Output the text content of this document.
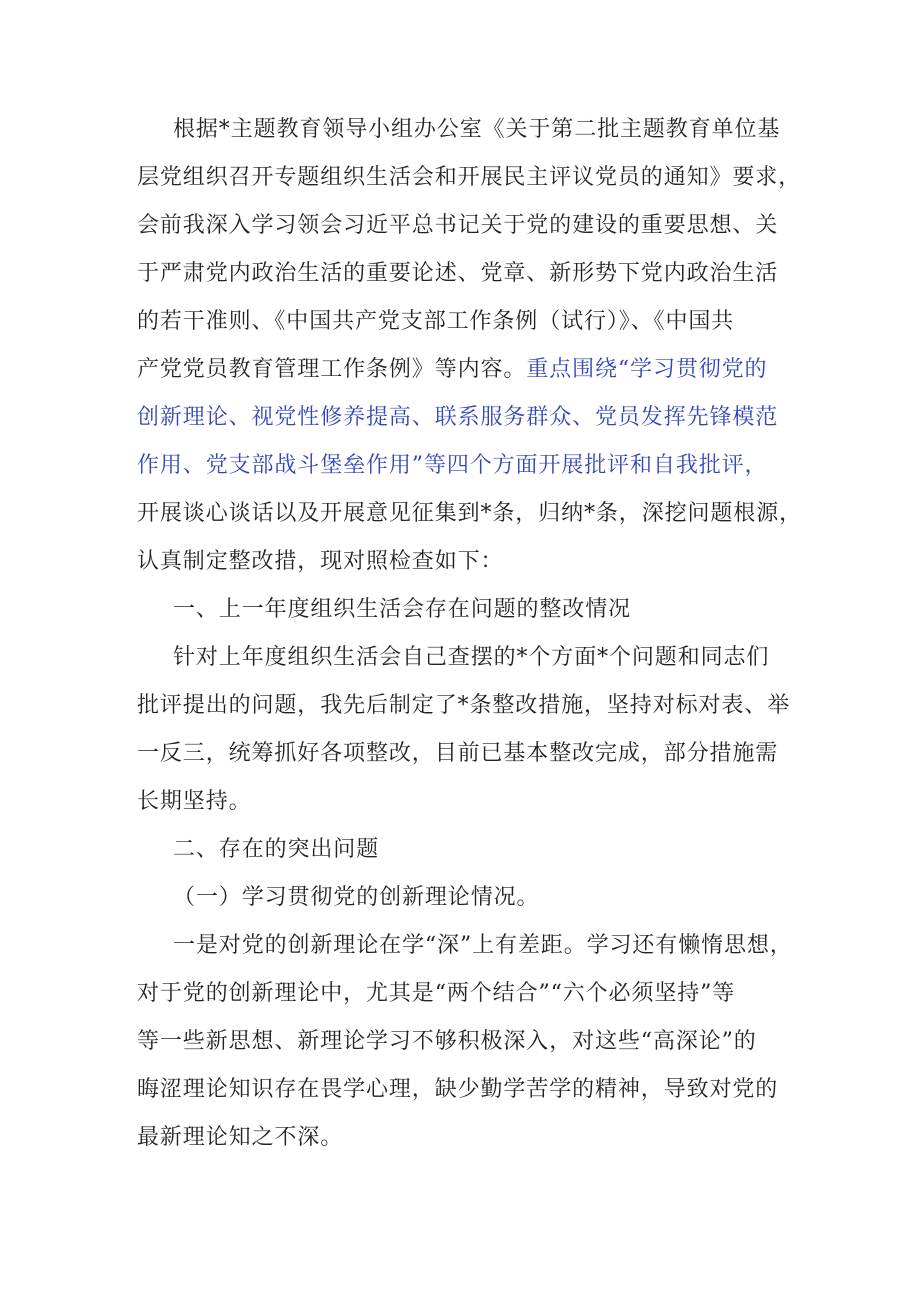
根据*主题教育领导小组办公室《关于第二批主题教育单位基
层党组织召开专题组织生活会和开展民主评议党员的通知》要求，
会前我深入学习领会习近平总书记关于党的建设的重要思想、关
于严肃党内政治生活的重要论述、党章、新形势下党内政治生活
的若干准则、《中国共产党支部工作条例（试行）》、《中国共
产党党员教育管理工作条例》等内容。重点围绕“学习贯彻党的
创新理论、视党性修养提高、联系服务群众、党员发挥先锋模范
作用、党支部战斗堡垒作用”等四个方面开展批评和自我批评，
开展谈心谈话以及开展意见征集到*条，归纳*条，深挖问题根源，
认真制定整改措，现对照检查如下：
一、上一年度组织生活会存在问题的整改情况
针对上年度组织生活会自己查摆的*个方面*个问题和同志们
批评提出的问题，我先后制定了*条整改措施，坚持对标对表、举
一反三，统筹抓好各项整改，目前已基本整改完成，部分措施需
长期坚持。
二、存在的突出问题
（一）学习贯彻党的创新理论情况。
一是对党的创新理论在学“深”上有差距。学习还有懒惰思想，
对于党的创新理论中，尤其是“两个结合”“六个必须坚持”等
等一些新思想、新理论学习不够积极深入，对这些“高深论”的
晦涩理论知识存在畏学心理，缺少勤学苦学的精神，导致对党的
最新理论知之不深。
